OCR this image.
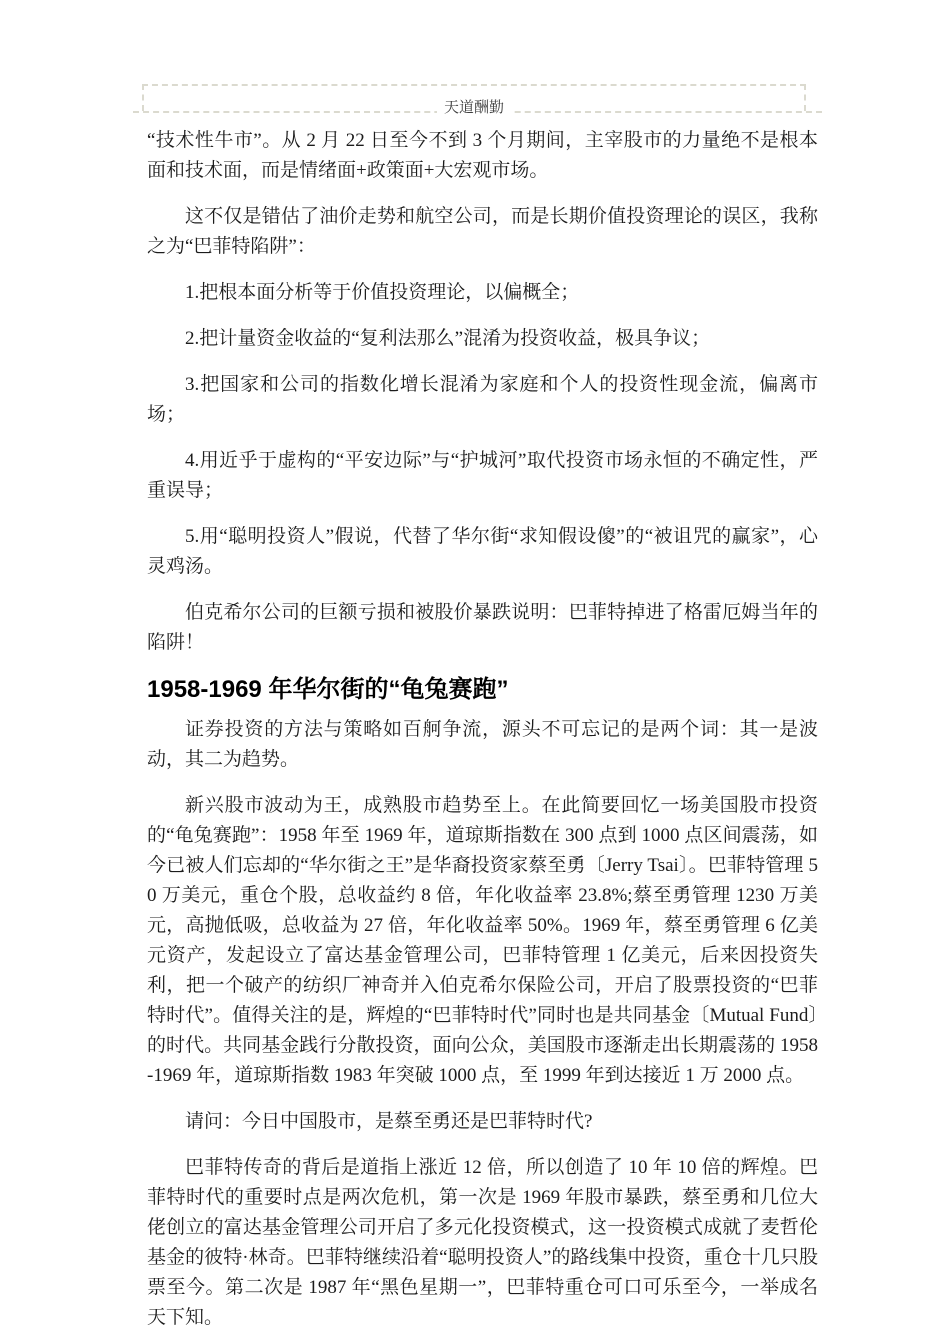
天道酬勤

“技术性牛市”。从 2 月 22 日至今不到 3 个月期间，主宰股市的力量绝不是根本面和技术面，而是情绪面+政策面+大宏观市场。

这不仅是错估了油价走势和航空公司，而是长期价值投资理论的误区，我称之为“巴菲特陷阱”：

1.把根本面分析等于价值投资理论，以偏概全；

2.把计量资金收益的“复利法那么”混淆为投资收益，极具争议；

3.把国家和公司的指数化增长混淆为家庭和个人的投资性现金流，偏离市场；

4.用近乎于虚构的“平安边际”与“护城河”取代投资市场永恒的不确定性，严重误导；

5.用“聪明投资人”假说，代替了华尔街“求知假设傻”的“被诅咒的赢家”，心灵鸡汤。

伯克希尔公司的巨额亏损和被股价暴跌说明：巴菲特掉进了格雷厄姆当年的陷阱！

1958-1969 年华尔街的“龟兔赛跑”

证券投资的方法与策略如百舸争流，源头不可忘记的是两个词：其一是波动，其二为趋势。

新兴股市波动为王，成熟股市趋势至上。在此简要回忆一场美国股市投资的“龟兔赛跑”：1958 年至 1969 年，道琼斯指数在 300 点到 1000 点区间震荡，如今已被人们忘却的“华尔街之王”是华裔投资家蔡至勇〔Jerry Tsai〕。巴菲特管理 50 万美元，重仓个股，总收益约 8 倍，年化收益率 23.8%;蔡至勇管理 1230 万美元，高抛低吸，总收益为 27 倍，年化收益率 50%。1969 年，蔡至勇管理 6 亿美元资产，发起设立了富达基金管理公司，巴菲特管理 1 亿美元，后来因投资失利，把一个破产的纺织厂神奇并入伯克希尔保险公司，开启了股票投资的“巴菲特时代”。值得关注的是，辉煌的“巴菲特时代”同时也是共同基金〔Mutual Fund〕的时代。共同基金践行分散投资，面向公众，美国股市逐渐走出长期震荡的 1958-1969 年，道琼斯指数 1983 年突破 1000 点，至 1999 年到达接近 1 万 2000 点。

请问：今日中国股市，是蔡至勇还是巴菲特时代?

巴菲特传奇的背后是道指上涨近 12 倍，所以创造了 10 年 10 倍的辉煌。巴菲特时代的重要时点是两次危机，第一次是 1969 年股市暴跌，蔡至勇和几位大佬创立的富达基金管理公司开启了多元化投资模式，这一投资模式成就了麦哲伦基金的彼特·林奇。巴菲特继续沿着“聪明投资人”的路线集中投资，重仓十几只股票至今。第二次是 1987 年“黑色星期一”，巴菲特重仓可口可乐至今，一举成名天下知。
